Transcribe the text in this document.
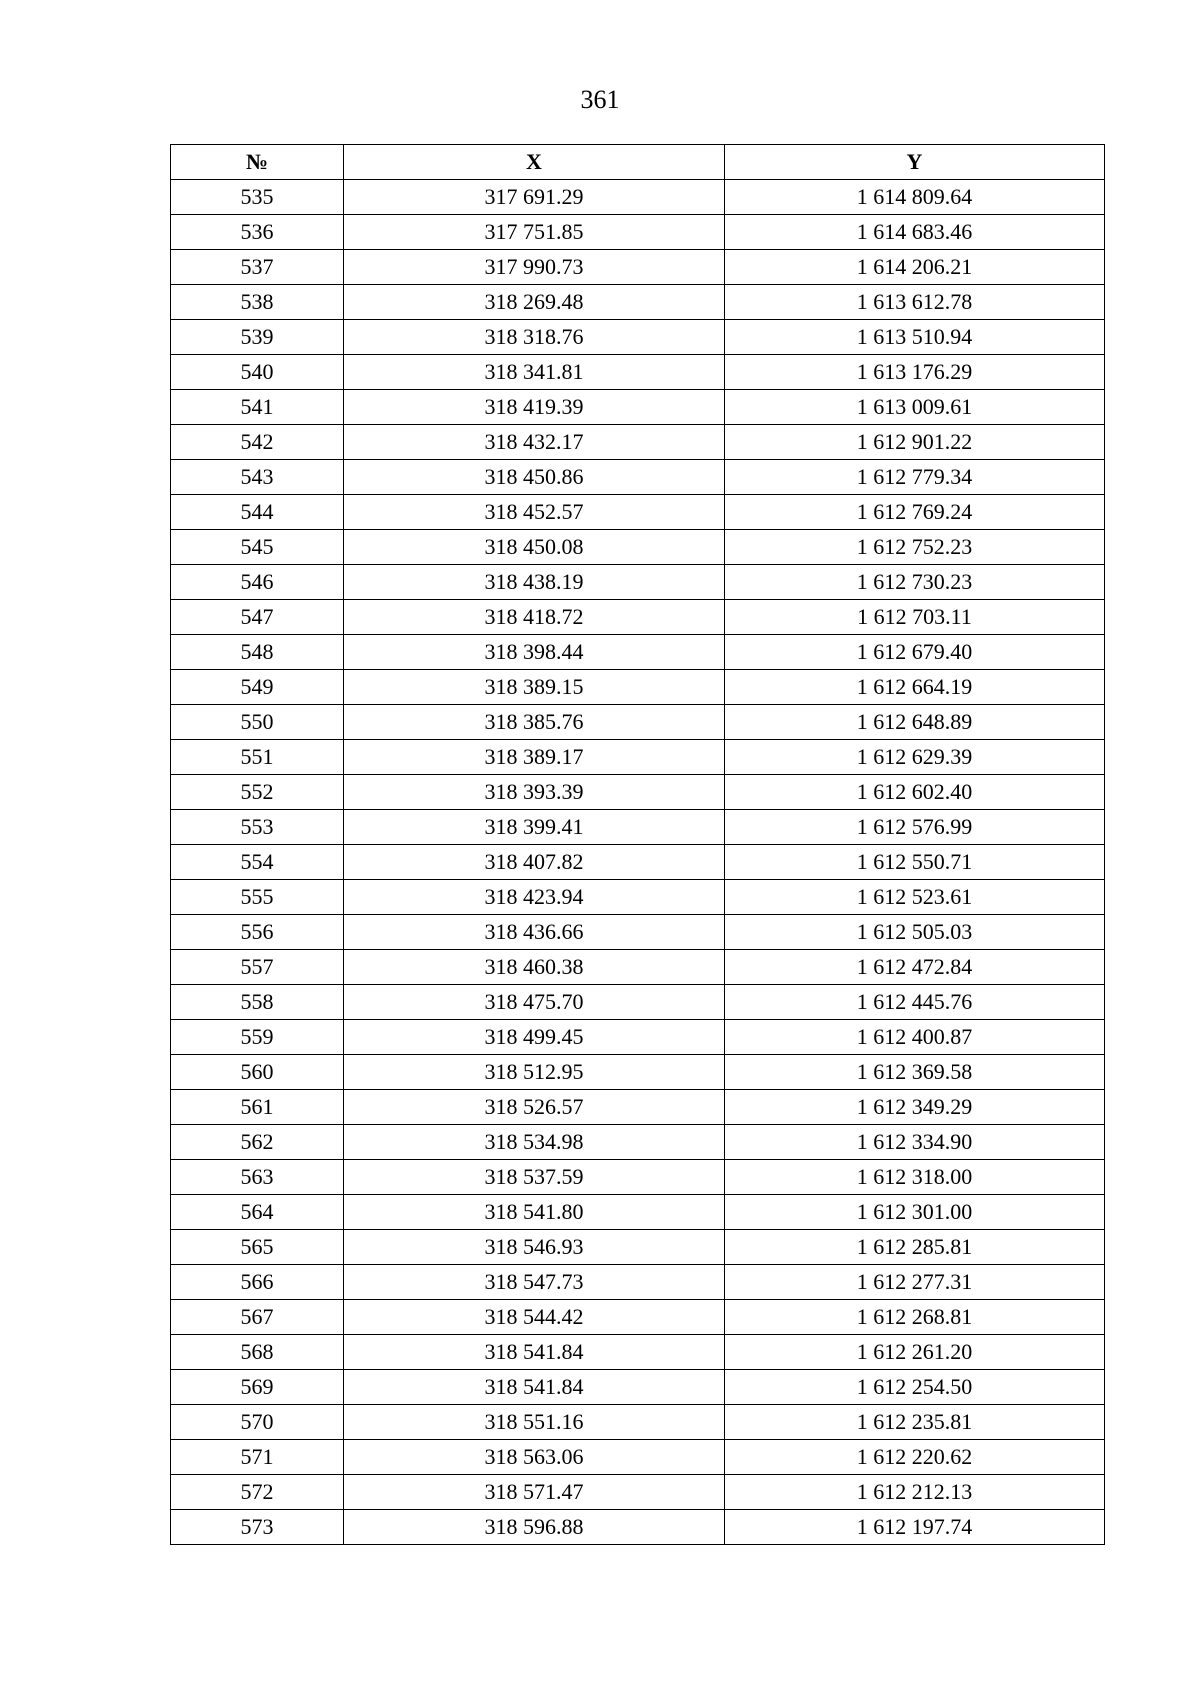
361
№	X	Y
535	317 691.29	1 614 809.64
536	317 751.85	1 614 683.46
537	317 990.73	1 614 206.21
538	318 269.48	1 613 612.78
539	318 318.76	1 613 510.94
540	318 341.81	1 613 176.29
541	318 419.39	1 613 009.61
542	318 432.17	1 612 901.22
543	318 450.86	1 612 779.34
544	318 452.57	1 612 769.24
545	318 450.08	1 612 752.23
546	318 438.19	1 612 730.23
547	318 418.72	1 612 703.11
548	318 398.44	1 612 679.40
549	318 389.15	1 612 664.19
550	318 385.76	1 612 648.89
551	318 389.17	1 612 629.39
552	318 393.39	1 612 602.40
553	318 399.41	1 612 576.99
554	318 407.82	1 612 550.71
555	318 423.94	1 612 523.61
556	318 436.66	1 612 505.03
557	318 460.38	1 612 472.84
558	318 475.70	1 612 445.76
559	318 499.45	1 612 400.87
560	318 512.95	1 612 369.58
561	318 526.57	1 612 349.29
562	318 534.98	1 612 334.90
563	318 537.59	1 612 318.00
564	318 541.80	1 612 301.00
565	318 546.93	1 612 285.81
566	318 547.73	1 612 277.31
567	318 544.42	1 612 268.81
568	318 541.84	1 612 261.20
569	318 541.84	1 612 254.50
570	318 551.16	1 612 235.81
571	318 563.06	1 612 220.62
572	318 571.47	1 612 212.13
573	318 596.88	1 612 197.74
